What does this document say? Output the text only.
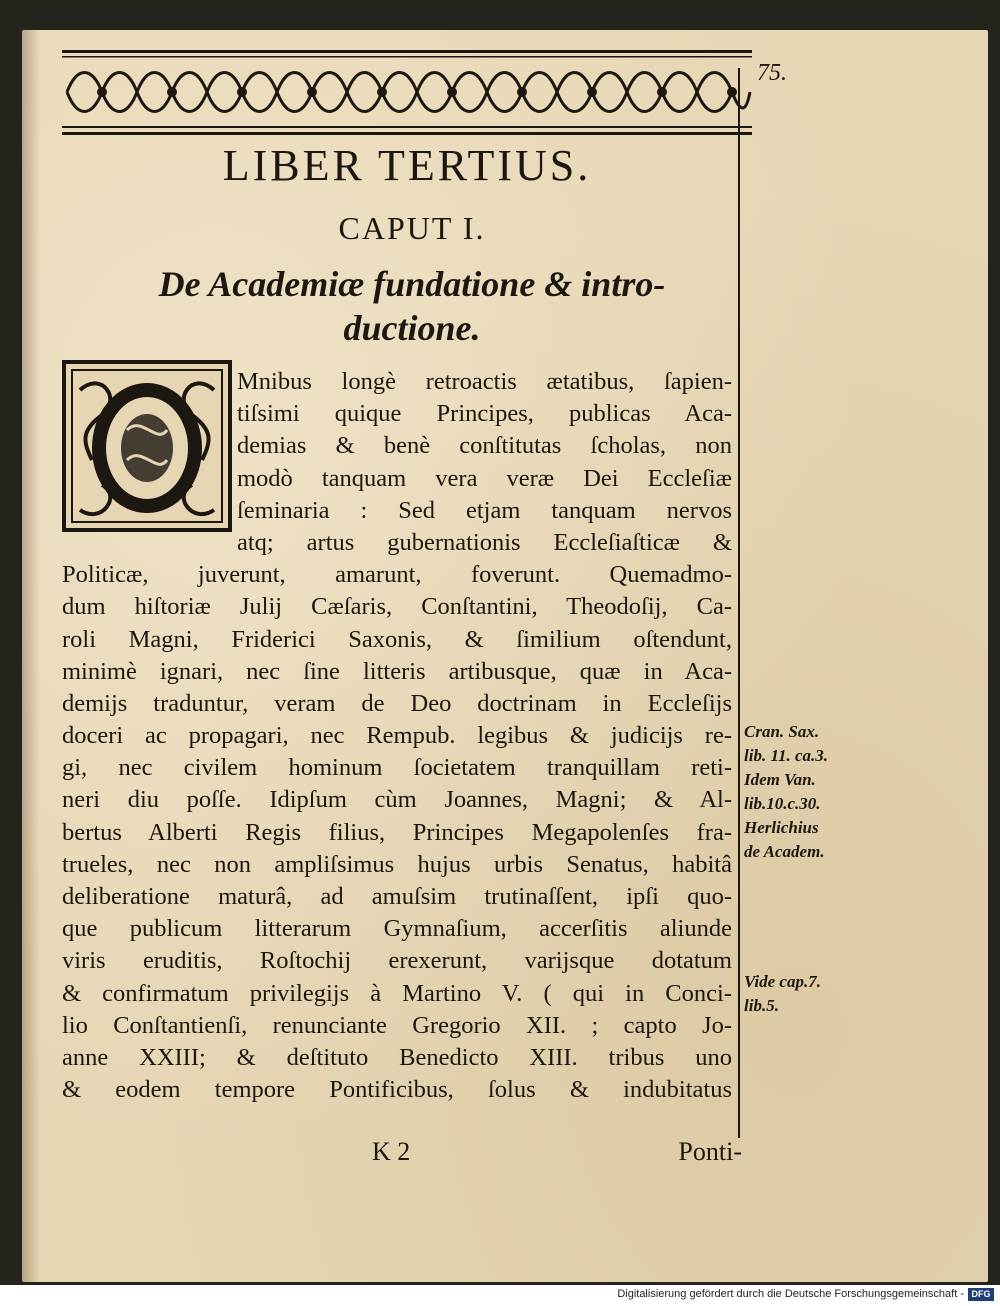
75.
LIBER TERTIUS.
CAPUT I.
De Academiæ fundatione & intro-
ductione.
Mnibus longè retroactis ætatibus, ſapien-
tiſsimi quique Principes, publicas Aca-
demias & benè conſtitutas ſcholas, non
modò tanquam vera veræ Dei Eccleſiæ
ſeminaria : Sed etjam tanquam nervos
atq; artus gubernationis Eccleſiaſticæ &
Politicæ, juverunt, amarunt, foverunt. Quemadmo-
dum hiſtoriæ Julij Cæſaris, Conſtantini, Theodoſij, Ca-
roli Magni, Friderici Saxonis, & ſimilium oſtendunt,
minimè ignari, nec ſine litteris artibusque, quæ in Aca-
demijs traduntur, veram de Deo doctrinam in Eccleſijs
doceri ac propagari, nec Rempub. legibus & judicijs re-
gi, nec civilem hominum ſocietatem tranquillam reti-
neri diu poſſe. Idipſum cùm Joannes, Magni; & Al-
bertus Alberti Regis filius, Principes Megapolenſes fra-
trueles, nec non ampliſsimus hujus urbis Senatus, habitâ
deliberatione maturâ, ad amuſsim trutinaſſent, ipſi quo-
que publicum litterarum Gymnaſium, accerſitis aliunde
viris eruditis, Roſtochij erexerunt, varijsque dotatum
& confirmatum privilegijs à Martino V. ( qui in Conci-
lio Conſtantienſi, renunciante Gregorio XII. ; capto Jo-
anne XXIII; & deſtituto Benedicto XIII. tribus uno
& eodem tempore Pontificibus, ſolus & indubitatus
K 2	Ponti-
Cran. Sax.
lib. 11. ca.3.
Idem Van.
lib.10.c.30.
Herlichius
de Academ.
Vide cap.7.
lib.5.
Digitalisierung gefördert durch die Deutsche Forschungsgemeinschaft - DFG
